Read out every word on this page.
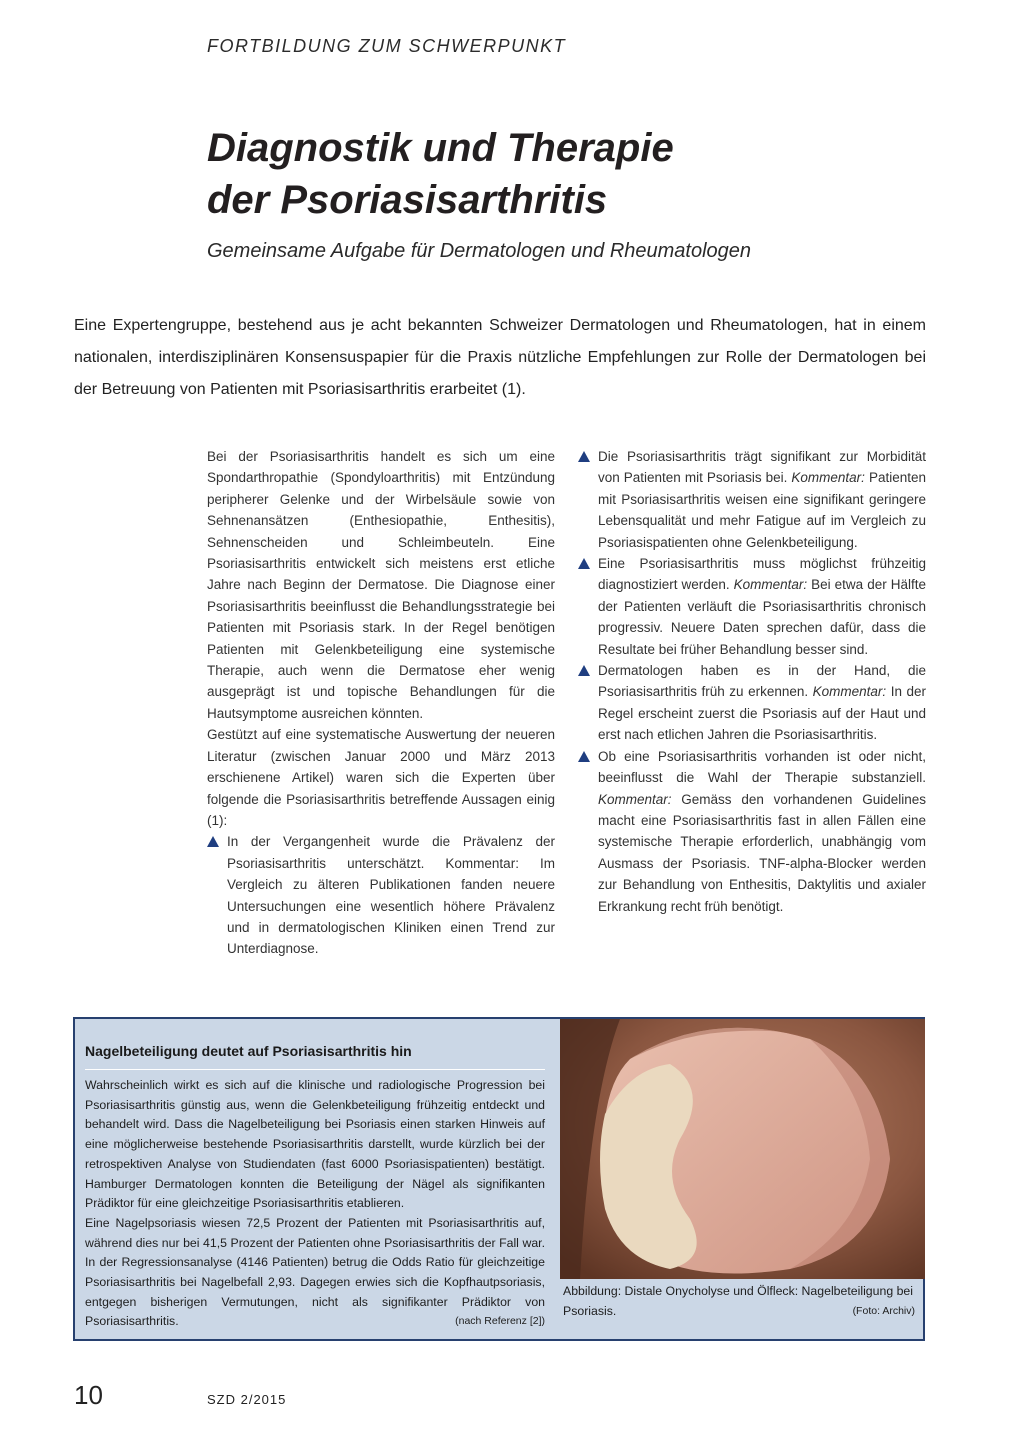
FORTBILDUNG ZUM SCHWERPUNKT
Diagnostik und Therapie
der Psoriasisarthritis
Gemeinsame Aufgabe für Dermatologen und Rheumatologen

Eine Expertengruppe, bestehend aus je acht bekannten Schweizer Dermatologen und Rheumatologen, hat in einem nationalen, interdisziplinären Konsensuspapier für die Praxis nützliche Empfehlungen zur Rolle der Dermatologen bei der Betreuung von Patienten mit Psoriasisarthritis erarbeitet (1).

Bei der Psoriasisarthritis handelt es sich um eine Spondarthropathie (Spondyloarthritis) mit Entzündung peripherer Gelenke und der Wirbelsäule sowie von Sehnenansätzen (Enthesiopathie, Enthesitis), Sehnenscheiden und Schleimbeuteln. Eine Psoriasisarthritis entwickelt sich meistens erst etliche Jahre nach Beginn der Dermatose. Die Diagnose einer Psoriasisarthritis beeinflusst die Behandlungsstrategie bei Patienten mit Psoriasis stark. In der Regel benötigen Patienten mit Gelenkbeteiligung eine systemische Therapie, auch wenn die Dermatose eher wenig ausgeprägt ist und topische Behandlungen für die Hautsymptome ausreichen könnten.

Gestützt auf eine systematische Auswertung der neueren Literatur (zwischen Januar 2000 und März 2013 erschienene Artikel) waren sich die Experten über folgende die Psoriasisarthritis betreffende Aussagen einig (1):

In der Vergangenheit wurde die Prävalenz der Psoriasisarthritis unterschätzt. Kommentar: Im Vergleich zu älteren Publikationen fanden neuere Untersuchungen eine wesentlich höhere Prävalenz und in dermatologischen Kliniken einen Trend zur Unterdiagnose.
Die Psoriasisarthritis trägt signifikant zur Morbidität von Patienten mit Psoriasis bei. Kommentar: Patienten mit Psoriasisarthritis weisen eine signifikant geringere Lebensqualität und mehr Fatigue auf im Vergleich zu Psoriasispatienten ohne Gelenkbeteiligung.
Eine Psoriasisarthritis muss möglichst frühzeitig diagnostiziert werden. Kommentar: Bei etwa der Hälfte der Patienten verläuft die Psoriasisarthritis chronisch progressiv. Neuere Daten sprechen dafür, dass die Resultate bei früher Behandlung besser sind.
Dermatologen haben es in der Hand, die Psoriasisarthritis früh zu erkennen. Kommentar: In der Regel erscheint zuerst die Psoriasis auf der Haut und erst nach etlichen Jahren die Psoriasisarthritis.
Ob eine Psoriasisarthritis vorhanden ist oder nicht, beeinflusst die Wahl der Therapie substanziell. Kommentar: Gemäss den vorhandenen Guidelines macht eine Psoriasisarthritis fast in allen Fällen eine systemische Therapie erforderlich, unabhängig vom Ausmass der Psoriasis. TNF-alpha-Blocker werden zur Behandlung von Enthesitis, Daktylitis und axialer Erkrankung recht früh benötigt.
Nagelbeteiligung deutet auf Psoriasisarthritis hin

Wahrscheinlich wirkt es sich auf die klinische und radiologische Progression bei Psoriasisarthritis günstig aus, wenn die Gelenkbeteiligung frühzeitig entdeckt und behandelt wird. Dass die Nagelbeteiligung bei Psoriasis einen starken Hinweis auf eine möglicherweise bestehende Psoriasisarthritis darstellt, wurde kürzlich bei der retrospektiven Analyse von Studiendaten (fast 6000 Psoriasispatienten) bestätigt. Hamburger Dermatologen konnten die Beteiligung der Nägel als signifikanten Prädiktor für eine gleichzeitige Psoriasisarthritis etablieren.

Eine Nagelpsoriasis wiesen 72,5 Prozent der Patienten mit Psoriasisarthritis auf, während dies nur bei 41,5 Prozent der Patienten ohne Psoriasisarthritis der Fall war. In der Regressionsanalyse (4146 Patienten) betrug die Odds Ratio für gleichzeitige Psoriasisarthritis bei Nagelbefall 2,93. Dagegen erwies sich die Kopfhautpsoriasis, entgegen bisherigen Vermutungen, nicht als signifikanter Prädiktor von Psoriasisarthritis.	(nach Referenz [2])

Abbildung: Distale Onycholyse und Ölfleck: Nagelbeteiligung bei Psoriasis.	(Foto: Archiv)
10	SZD 2/2015
